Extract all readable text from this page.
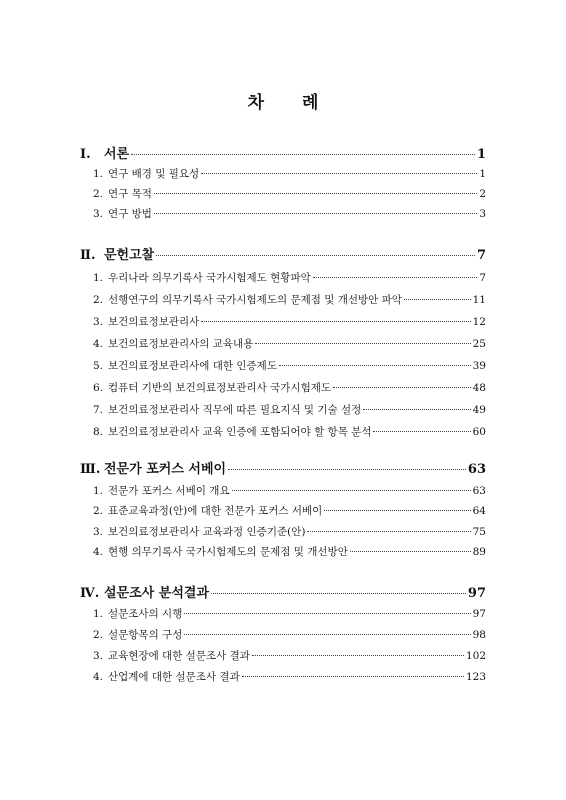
차 례
Ⅰ. 서론	1
1. 연구 배경 및 필요성	1
2. 연구 목적	2
3. 연구 방법	3
Ⅱ. 문헌고찰	7
1. 우리나라 의무기록사 국가시험제도 현황파악	7
2. 선행연구의 의무기록사 국가시험제도의 문제점 및 개선방안 파악	11
3. 보건의료정보관리사	12
4. 보건의료정보관리사의 교육내용	25
5. 보건의료정보관리사에 대한 인증제도	39
6. 컴퓨터 기반의 보건의료정보관리사 국가시험제도	48
7. 보건의료정보관리사 직무에 따른 필요지식 및 기술 설정	49
8. 보건의료정보관리사 교육 인증에 포함되어야 할 항목 분석	60
Ⅲ. 전문가 포커스 서베이	63
1. 전문가 포커스 서베이 개요	63
2. 표준교육과정(안)에 대한 전문가 포커스 서베이	64
3. 보건의료정보관리사 교육과정 인증기준(안)	75
4. 현행 의무기록사 국가시험제도의 문제점 및 개선방안	89
Ⅳ. 설문조사 분석결과	97
1. 설문조사의 시행	97
2. 설문항목의 구성	98
3. 교육현장에 대한 설문조사 결과	102
4. 산업계에 대한 설문조사 결과	123
